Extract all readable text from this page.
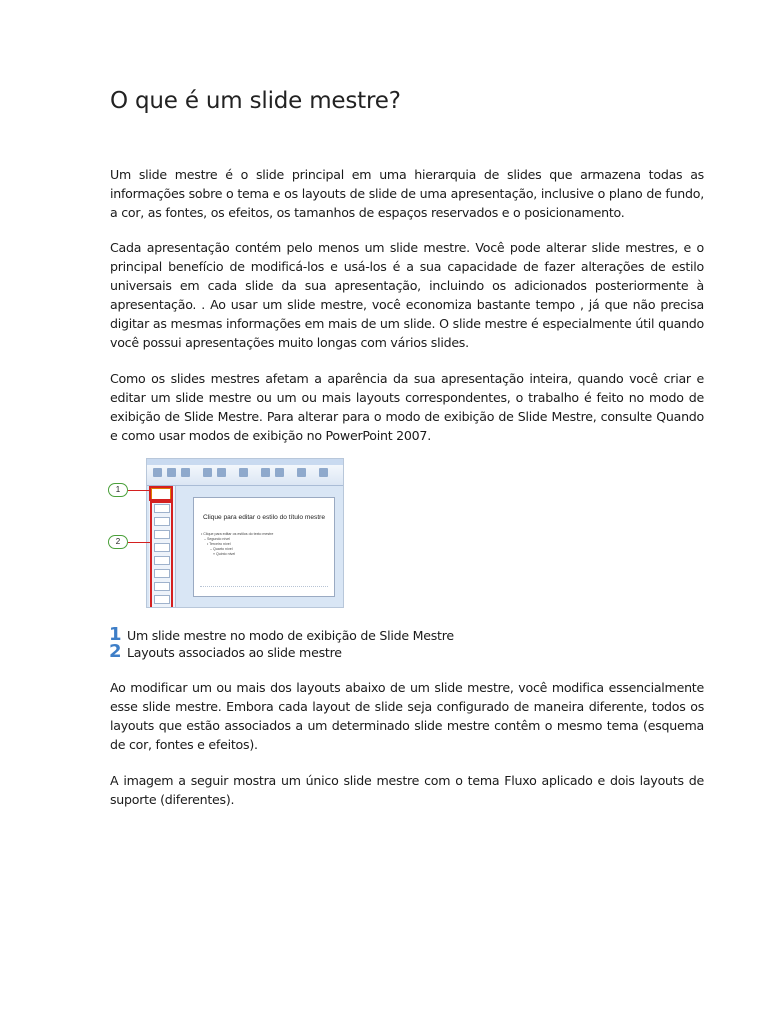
O que é um slide mestre?

Um slide mestre é o slide principal em uma hierarquia de slides que armazena todas as informações sobre o tema e os layouts de slide de uma apresentação, inclusive o plano de fundo, a cor, as fontes, os efeitos, os tamanhos de espaços reservados e o posicionamento.

Cada apresentação contém pelo menos um slide mestre. Você pode alterar slide mestres, e o principal benefício de modificá-los e usá-los é a sua capacidade de fazer alterações de estilo universais em cada slide da sua apresentação, incluindo os adicionados posteriormente à apresentação. . Ao usar um slide mestre, você economiza bastante tempo , já que não precisa digitar as mesmas informações em mais de um slide. O slide mestre é especialmente útil quando você possui apresentações muito longas com vários slides.

Como os slides mestres afetam a aparência da sua apresentação inteira, quando você criar e editar um slide mestre ou um ou mais layouts correspondentes, o trabalho é feito no modo de exibição de Slide Mestre. Para alterar para o modo de exibição de Slide Mestre, consulte Quando e como usar modos de exibição no PowerPoint 2007.

Clique para editar o estilo do título mestre
• Clique para editar os estilos do texto mestre
– Segundo nível
• Terceiro nível
– Quarto nível
» Quinto nível
1
2
1 Um slide mestre no modo de exibição de Slide Mestre
2 Layouts associados ao slide mestre

Ao modificar um ou mais dos layouts abaixo de um slide mestre, você modifica essencialmente esse slide mestre. Embora cada layout de slide seja configurado de maneira diferente, todos os layouts que estão associados a um determinado slide mestre contêm o mesmo tema (esquema de cor, fontes e efeitos).

A imagem a seguir mostra um único slide mestre com o tema Fluxo aplicado e dois layouts de suporte (diferentes).
